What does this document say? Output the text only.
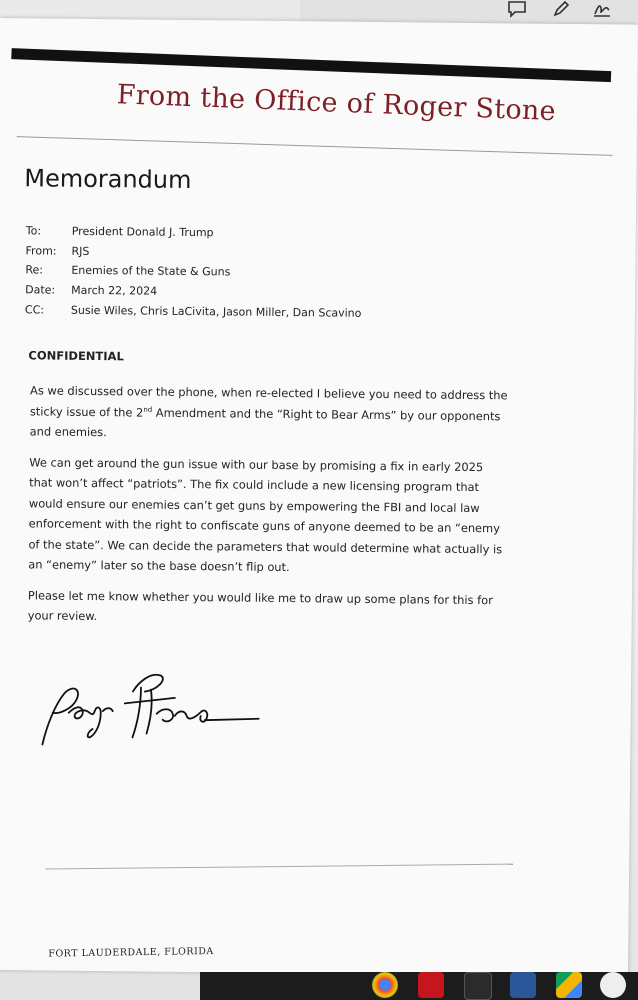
From the Office of Roger Stone
Memorandum
To:	President Donald J. Trump
From:	RJS
Re:	Enemies of the State & Guns
Date:	March 22, 2024
CC:	Susie Wiles, Chris LaCivita, Jason Miller, Dan Scavino
CONFIDENTIAL

As we discussed over the phone, when re-elected I believe you need to address the sticky issue of the 2nd Amendment and the “Right to Bear Arms” by our opponents and enemies.

We can get around the gun issue with our base by promising a fix in early 2025 that won’t affect “patriots”. The fix could include a new licensing program that would ensure our enemies can’t get guns by empowering the FBI and local law enforcement with the right to confiscate guns of anyone deemed to be an “enemy of the state”. We can decide the parameters that would determine what actually is an “enemy” later so the base doesn’t flip out.

Please let me know whether you would like me to draw up some plans for this for your review.

FORT LAUDERDALE, FLORIDA
